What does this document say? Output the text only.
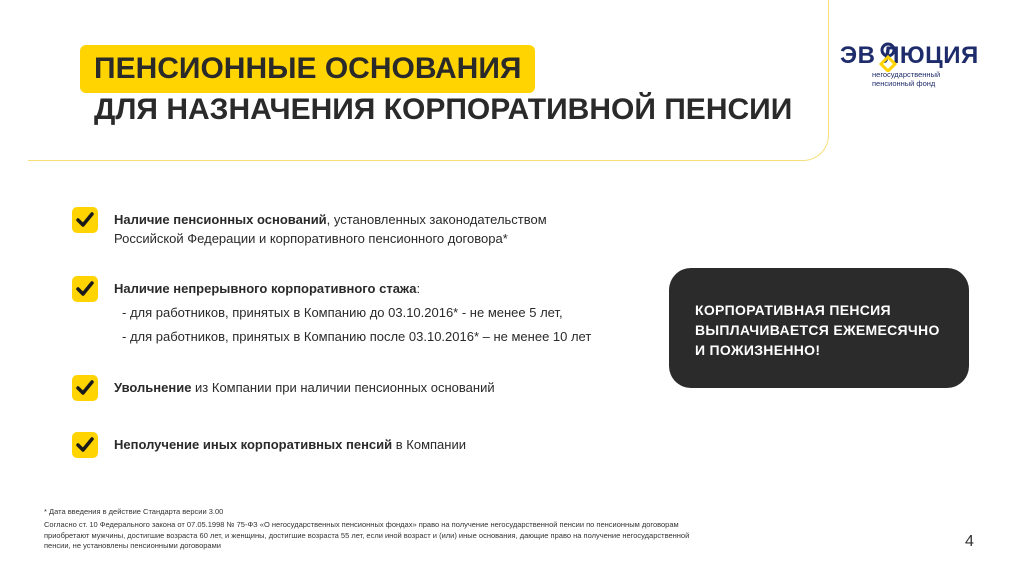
ПЕНСИОННЫЕ ОСНОВАНИЯ
ДЛЯ НАЗНАЧЕНИЯ КОРПОРАТИВНОЙ ПЕНСИИ
ЭВ ЛЮЦИЯ
негосударственный
пенсионный фонд
Наличие пенсионных оснований, установленных законодательством
Российской Федерации и корпоративного пенсионного договора*
Наличие непрерывного корпоративного стажа:
- для работников, принятых в Компанию до 03.10.2016* - не менее 5 лет,
- для работников, принятых в Компанию после 03.10.2016* – не менее 10 лет
Увольнение из Компании при наличии пенсионных оснований
Неполучение иных корпоративных пенсий в Компании
КОРПОРАТИВНАЯ ПЕНСИЯ
ВЫПЛАЧИВАЕТСЯ ЕЖЕМЕСЯЧНО
И ПОЖИЗНЕННО!
* Дата введения в действие Стандарта версии 3.00
Согласно ст. 10 Федерального закона от 07.05.1998 № 75-ФЗ «О негосударственных пенсионных фондах» право на получение негосударственной пенсии по пенсионным договорам
приобретают мужчины, достигшие возраста 60 лет, и женщины, достигшие возраста 55 лет, если иной возраст и (или) иные основания, дающие право на получение негосударственной
пенсии, не установлены пенсионными договорами	4
